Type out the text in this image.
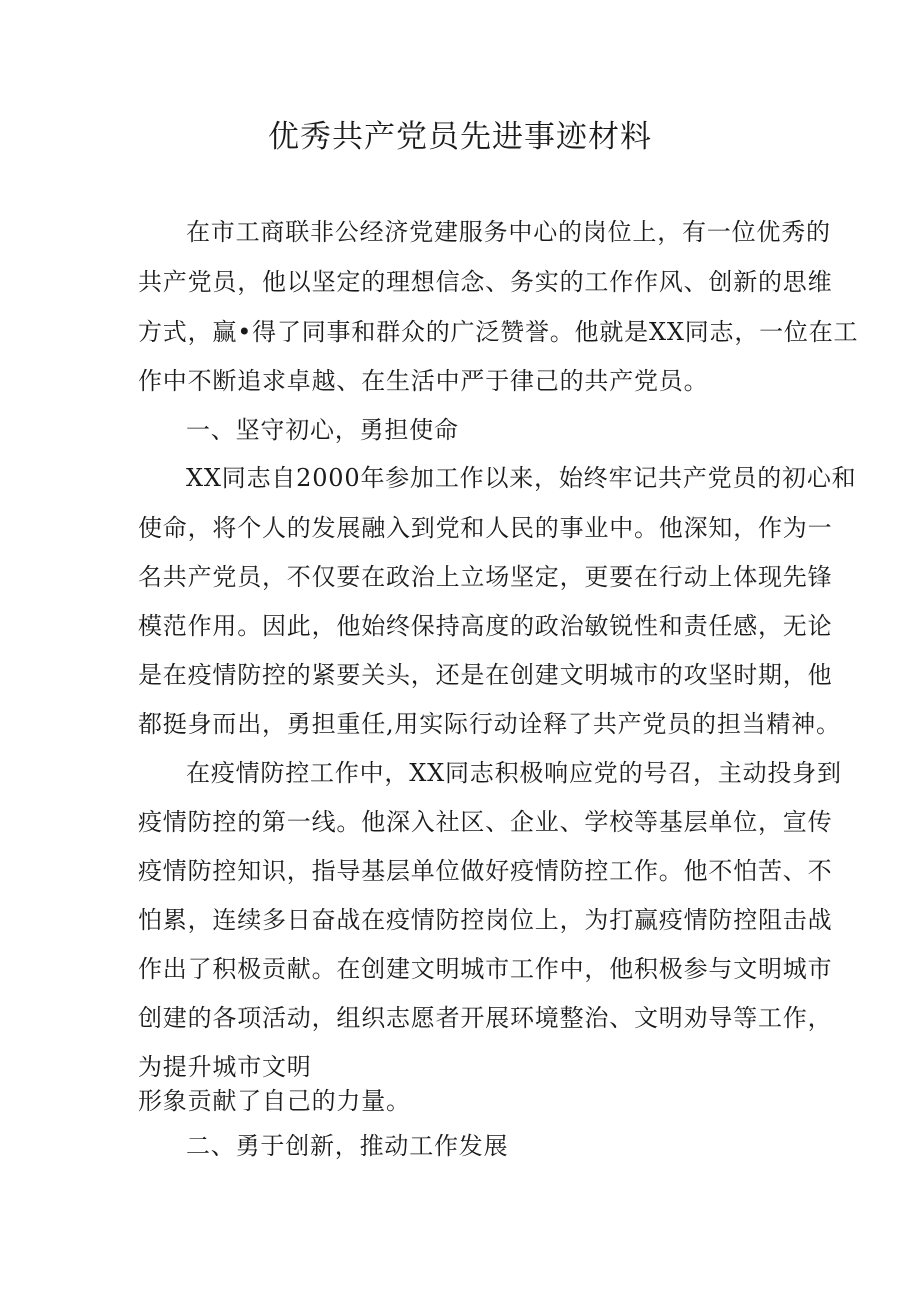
优秀共产党员先进事迹材料
在市工商联非公经济党建服务中心的岗位上，有一位优秀的
共产党员，他以坚定的理想信念、务实的工作作风、创新的思维
方式，赢•得了同事和群众的广泛赞誉。他就是XX同志，一位在工
作中不断追求卓越、在生活中严于律己的共产党员。
一、坚守初心，勇担使命
XX同志自2000年参加工作以来，始终牢记共产党员的初心和
使命，将个人的发展融入到党和人民的事业中。他深知，作为一
名共产党员，不仅要在政治上立场坚定，更要在行动上体现先锋
模范作用。因此，他始终保持高度的政治敏锐性和责任感，无论
是在疫情防控的紧要关头，还是在创建文明城市的攻坚时期，他
都挺身而出，勇担重任,用实际行动诠释了共产党员的担当精神。
在疫情防控工作中，XX同志积极响应党的号召，主动投身到
疫情防控的第一线。他深入社区、企业、学校等基层单位，宣传
疫情防控知识，指导基层单位做好疫情防控工作。他不怕苦、不
怕累，连续多日奋战在疫情防控岗位上，为打赢疫情防控阻击战
作出了积极贡献。在创建文明城市工作中，他积极参与文明城市
创建的各项活动，组织志愿者开展环境整治、文明劝导等工作，
为提升城市文明
形象贡献了自己的力量。
二、勇于创新，推动工作发展
